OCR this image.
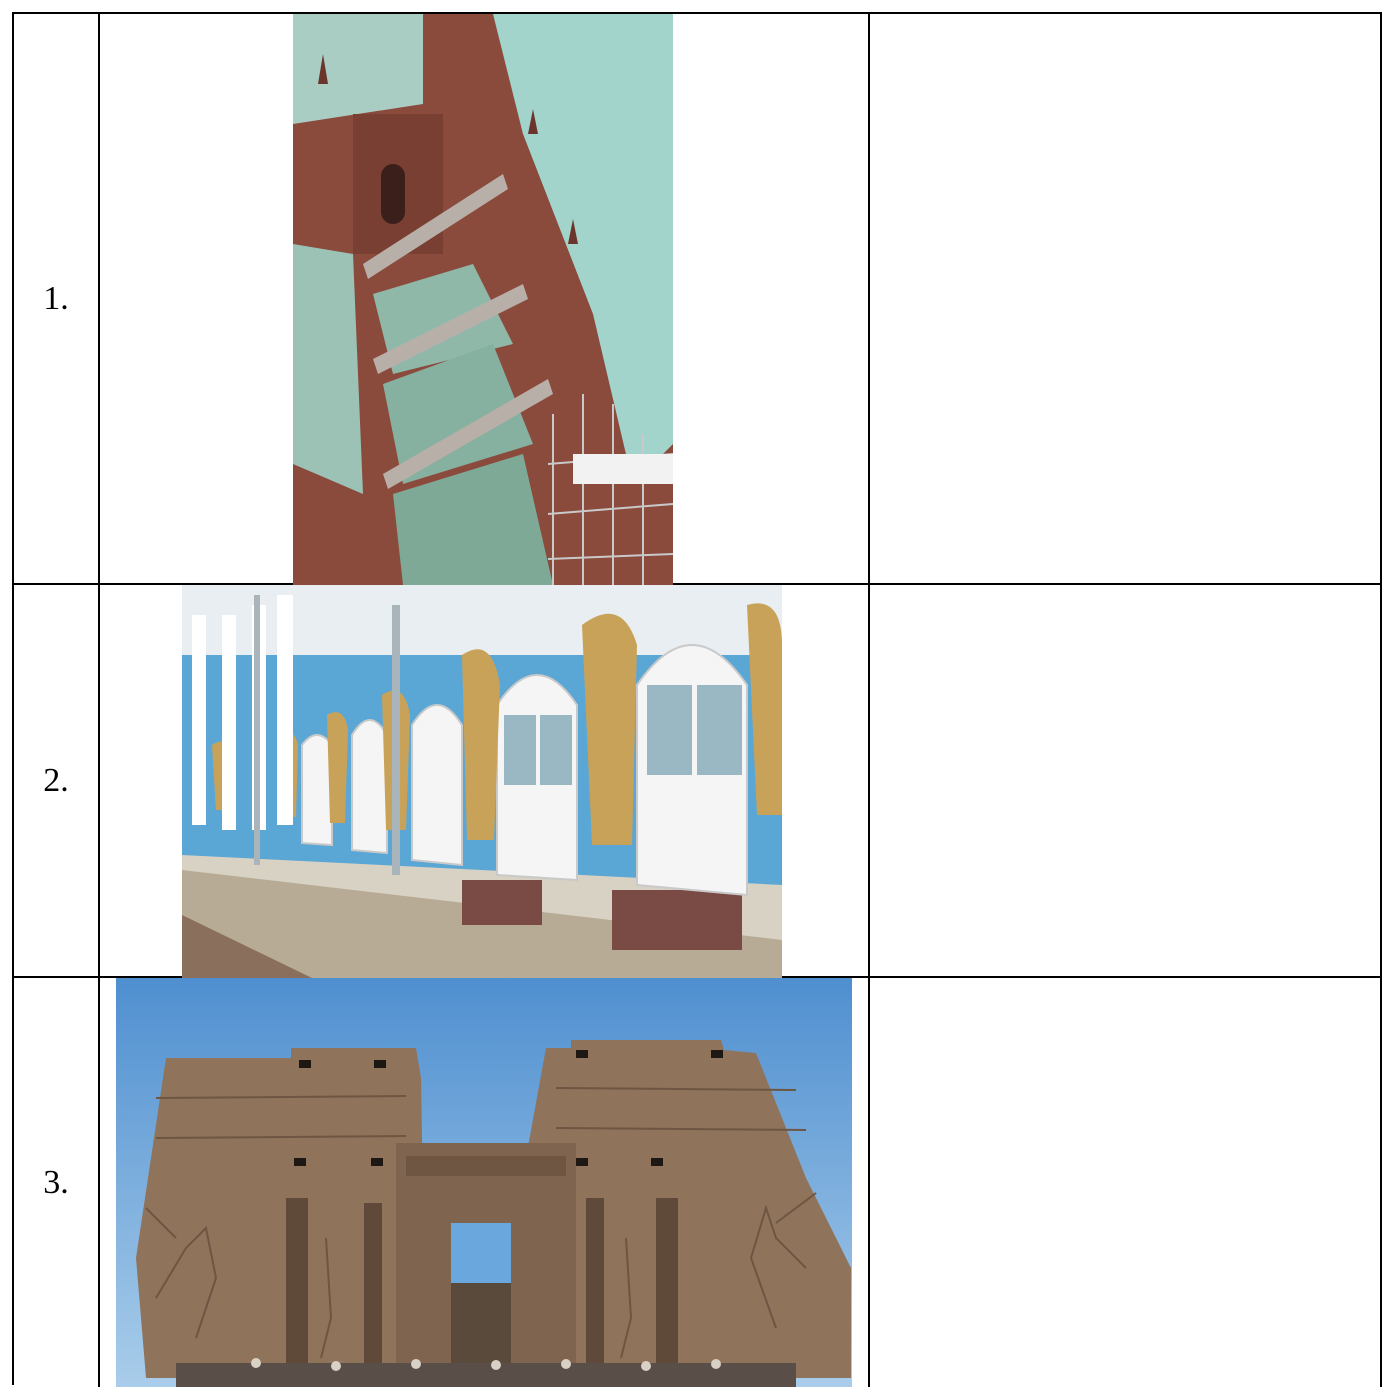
1.
2.
3.
